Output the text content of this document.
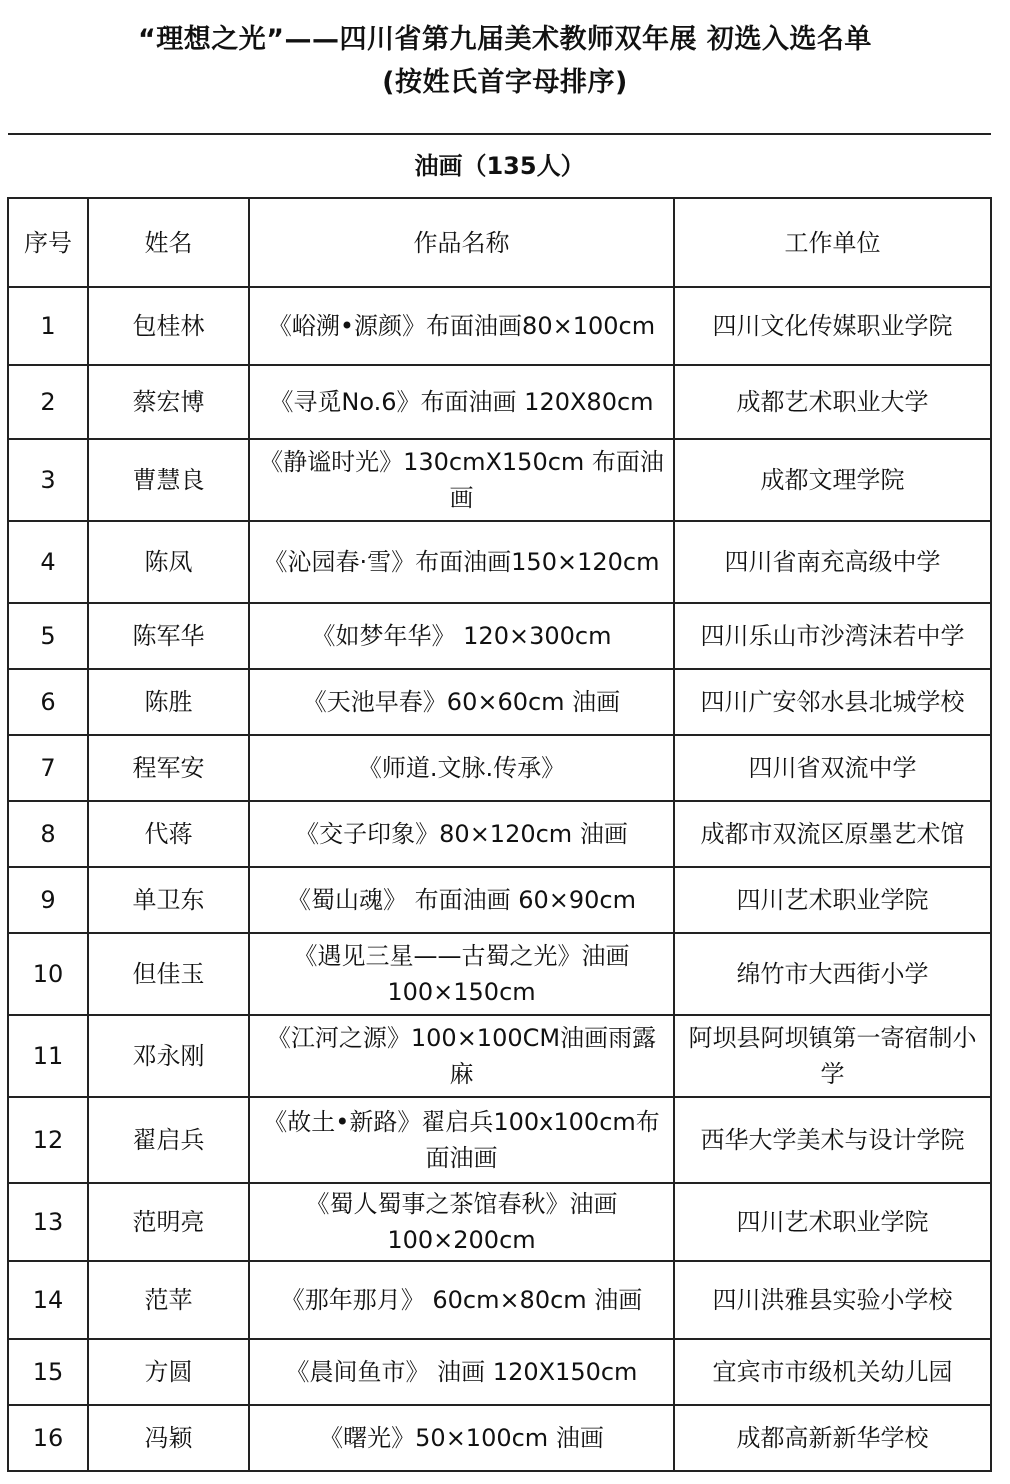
“理想之光”——四川省第九届美术教师双年展 初选入选名单
(按姓氏首字母排序)
油画（135人）			
序号	姓名	作品名称	工作单位
1	包桂林	《峪溯•源颜》布面油画80×100cm	四川文化传媒职业学院
2	蔡宏博	《寻觅No.6》布面油画 120X80cm	成都艺术职业大学
3	曹慧良	《静谧时光》130cmX150cm 布面油画	成都文理学院
4	陈凤	《沁园春·雪》布面油画150×120cm	四川省南充高级中学
5	陈军华	《如梦年华》 120×300cm	四川乐山市沙湾沫若中学
6	陈胜	《天池早春》60×60cm 油画	四川广安邻水县北城学校
7	程军安	《师道.文脉.传承》	四川省双流中学
8	代蒋	《交子印象》80×120cm 油画	成都市双流区原墨艺术馆
9	单卫东	《蜀山魂》 布面油画 60×90cm	四川艺术职业学院
10	但佳玉	《遇见三星——古蜀之光》油画100×150cm	绵竹市大西街小学
11	邓永刚	《江河之源》100×100CM油画雨露麻	阿坝县阿坝镇第一寄宿制小学
12	翟启兵	《故土•新路》翟启兵100x100cm布面油画	西华大学美术与设计学院
13	范明亮	《蜀人蜀事之茶馆春秋》油画100×200cm	四川艺术职业学院
14	范苹	《那年那月》 60cm×80cm 油画	四川洪雅县实验小学校
15	方圆	《晨间鱼市》 油画 120X150cm	宜宾市市级机关幼儿园
16	冯颖	《曙光》50×100cm 油画	成都高新新华学校
